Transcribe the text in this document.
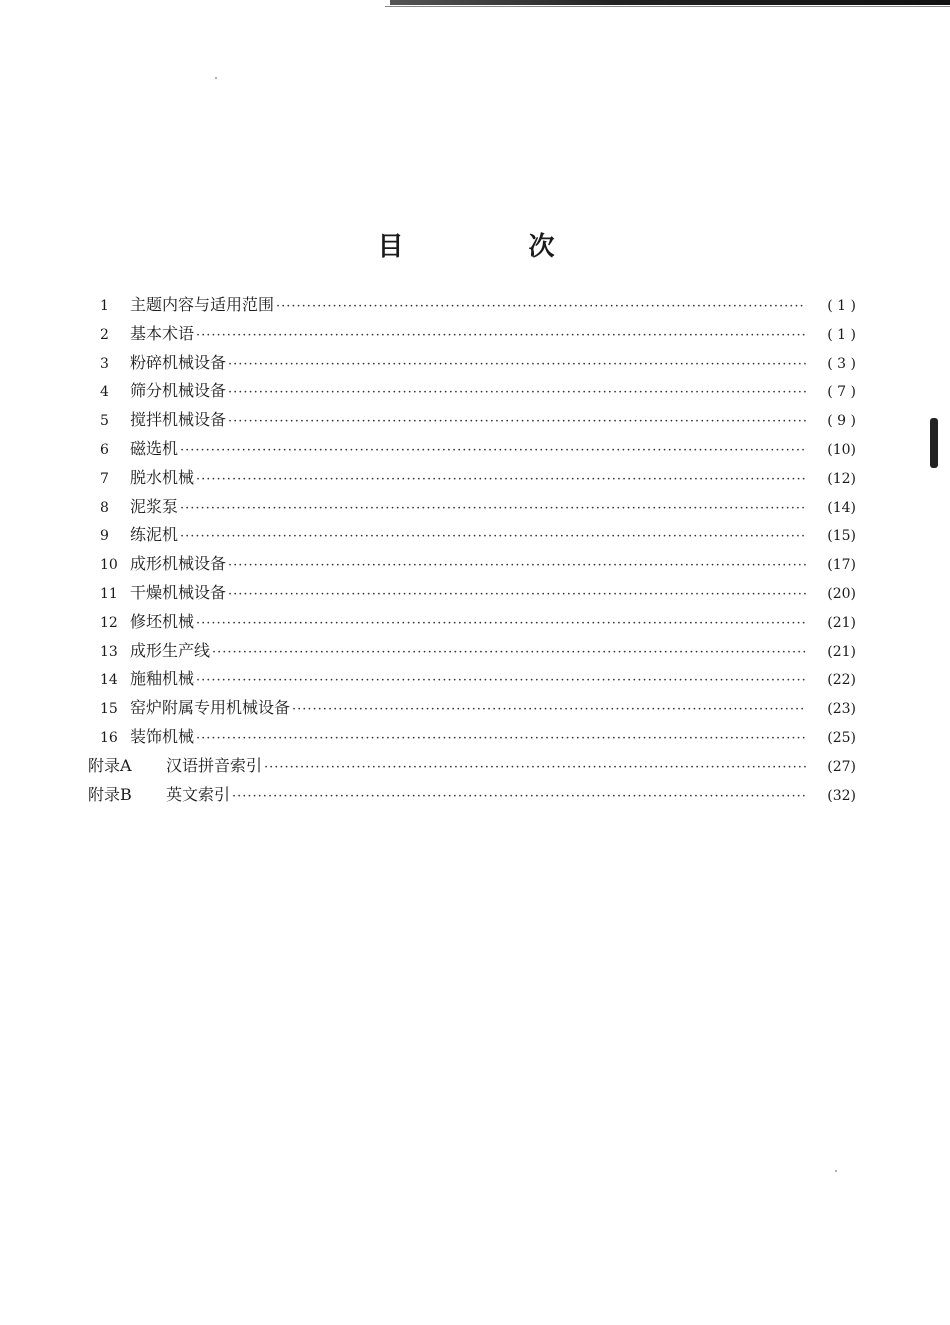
目 次
1	主题内容与适用范围 ·····	( 1 )
2	基本术语 ·····	( 1 )
3	粉碎机械设备 ·····	( 3 )
4	筛分机械设备 ·····	( 7 )
5	搅拌机械设备 ·····	( 9 )
6	磁选机 ·····	(10)
7	脱水机械 ·····	(12)
8	泥浆泵 ·····	(14)
9	练泥机 ·····	(15)
10 成形机械设备 ·····	(17)
11 干燥机械设备 ·····	(20)
12 修坯机械 ·····	(21)
13 成形生产线 ·····	(21)
14 施釉机械 ·····	(22)
15 窑炉附属专用机械设备 ·····	(23)
16 装饰机械 ·····	(25)
附录A	汉语拼音索引 ·····	(27)
附录B	英文索引 ·····	(32)
